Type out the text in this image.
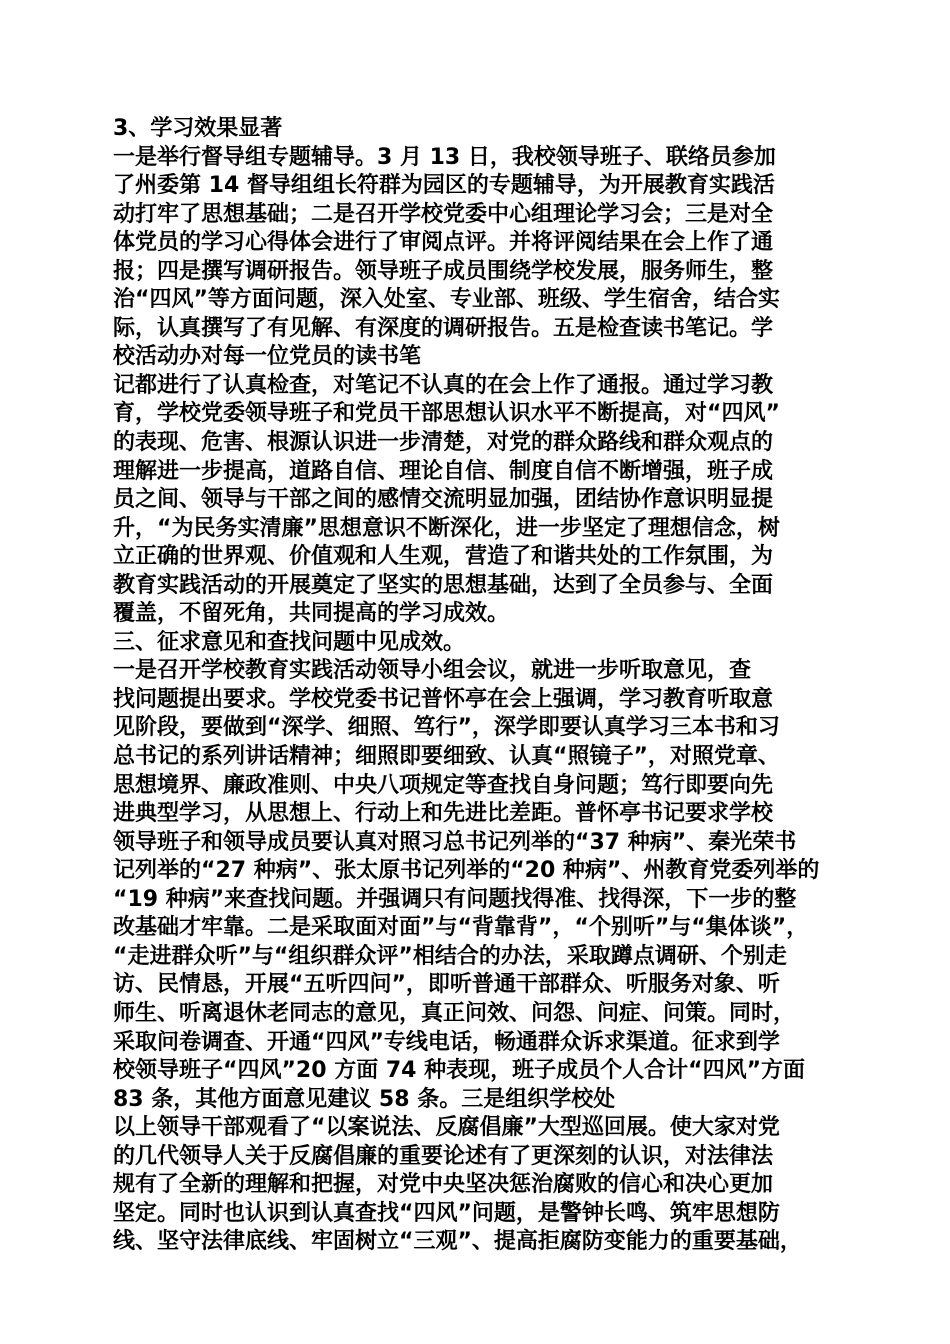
3、学习效果显著
一是举行督导组专题辅导。3 月 13 日，我校领导班子、联络员参加
了州委第 14 督导组组长符群为园区的专题辅导，为开展教育实践活
动打牢了思想基础；二是召开学校党委中心组理论学习会；三是对全
体党员的学习心得体会进行了审阅点评。并将评阅结果在会上作了通
报；四是撰写调研报告。领导班子成员围绕学校发展，服务师生，整
治“四风”等方面问题，深入处室、专业部、班级、学生宿舍，结合实
际，认真撰写了有见解、有深度的调研报告。五是检查读书笔记。学
校活动办对每一位党员的读书笔
记都进行了认真检查，对笔记不认真的在会上作了通报。通过学习教
育，学校党委领导班子和党员干部思想认识水平不断提高，对“四风”
的表现、危害、根源认识进一步清楚，对党的群众路线和群众观点的
理解进一步提高，道路自信、理论自信、制度自信不断增强，班子成
员之间、领导与干部之间的感情交流明显加强，团结协作意识明显提
升，“为民务实清廉”思想意识不断深化，进一步坚定了理想信念，树
立正确的世界观、价值观和人生观，营造了和谐共处的工作氛围，为
教育实践活动的开展奠定了坚实的思想基础，达到了全员参与、全面
覆盖，不留死角，共同提高的学习成效。
三、征求意见和查找问题中见成效。
一是召开学校教育实践活动领导小组会议，就进一步听取意见，查
找问题提出要求。学校党委书记普怀亭在会上强调，学习教育听取意
见阶段，要做到“深学、细照、笃行”，深学即要认真学习三本书和习
总书记的系列讲话精神；细照即要细致、认真“照镜子”，对照党章、
思想境界、廉政准则、中央八项规定等查找自身问题；笃行即要向先
进典型学习，从思想上、行动上和先进比差距。普怀亭书记要求学校
领导班子和领导成员要认真对照习总书记列举的“37 种病”、秦光荣书
记列举的“27 种病”、张太原书记列举的“20 种病”、州教育党委列举的
“19 种病”来查找问题。并强调只有问题找得准、找得深，下一步的整
改基础才牢靠。二是采取面对面”与“背靠背”，“个别听”与“集体谈”，
“走进群众听”与“组织群众评”相结合的办法，采取蹲点调研、个别走
访、民情恳，开展“五听四问”，即听普通干部群众、听服务对象、听
师生、听离退休老同志的意见，真正问效、问怨、问症、问策。同时，
采取问卷调查、开通“四风”专线电话，畅通群众诉求渠道。征求到学
校领导班子“四风”20 方面 74 种表现，班子成员个人合计“四风”方面
83 条，其他方面意见建议 58 条。三是组织学校处
以上领导干部观看了“以案说法、反腐倡廉”大型巡回展。使大家对党
的几代领导人关于反腐倡廉的重要论述有了更深刻的认识，对法律法
规有了全新的理解和把握，对党中央坚决惩治腐败的信心和决心更加
坚定。同时也认识到认真查找“四风”问题，是警钟长鸣、筑牢思想防
线、坚守法律底线、牢固树立“三观”、提高拒腐防变能力的重要基础，
